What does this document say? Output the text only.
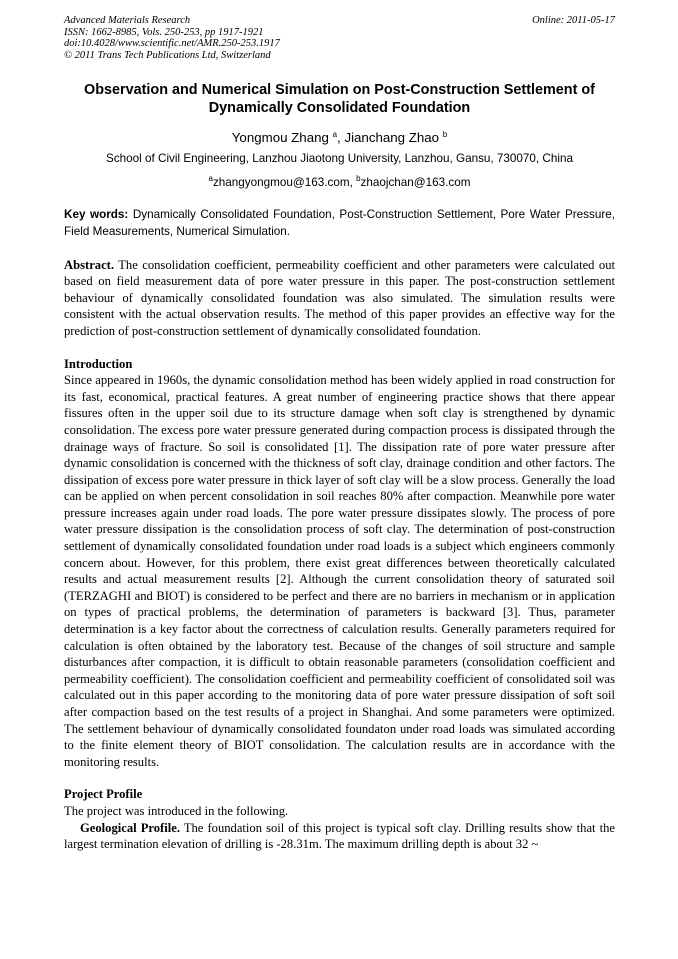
Advanced Materials Research
ISSN: 1662-8985, Vols. 250-253, pp 1917-1921
doi:10.4028/www.scientific.net/AMR.250-253.1917
© 2011 Trans Tech Publications Ltd, Switzerland
Online: 2011-05-17
Observation and Numerical Simulation on Post-Construction Settlement of Dynamically Consolidated Foundation
Yongmou Zhang $^a$, Jianchang Zhao $^b$
School of Civil Engineering, Lanzhou Jiaotong University, Lanzhou, Gansu, 730070, China
$^a$zhangyongmou@163.com, $^b$zhaojchan@163.com
Key words: Dynamically Consolidated Foundation, Post-Construction Settlement, Pore Water Pressure, Field Measurements, Numerical Simulation.
Abstract. The consolidation coefficient, permeability coefficient and other parameters were calculated out based on field measurement data of pore water pressure in this paper. The post-construction settlement behaviour of dynamically consolidated foundation was also simulated. The simulation results were consistent with the actual observation results. The method of this paper provides an effective way for the prediction of post-construction settlement of dynamically consolidated foundation.
Introduction

Since appeared in 1960s, the dynamic consolidation method has been widely applied in road construction for its fast, economical, practical features. A great number of engineering practice shows that there appear fissures often in the upper soil due to its structure damage when soft clay is strengthened by dynamic consolidation. The excess pore water pressure generated during compaction process is dissipated through the drainage ways of fracture. So soil is consolidated [1]. The dissipation rate of pore water pressure after dynamic consolidation is concerned with the thickness of soft clay, drainage condition and other factors. The dissipation of excess pore water pressure in thick layer of soft clay will be a slow process. Generally the load can be applied on when percent consolidation in soil reaches 80% after compaction. Meanwhile pore water pressure increases again under road loads. The pore water pressure dissipates slowly. The process of pore water pressure dissipation is the consolidation process of soft clay. The determination of post-construction settlement of dynamically consolidated foundation under road loads is a subject which engineers commonly concern about. However, for this problem, there exist great differences between theoretically calculated results and actual measurement results [2]. Although the current consolidation theory of saturated soil (TERZAGHI and BIOT) is considered to be perfect and there are no barriers in mechanism or in application on types of practical problems, the determination of parameters is backward [3]. Thus, parameter determination is a key factor about the correctness of calculation results. Generally parameters required for calculation is often obtained by the laboratory test. Because of the changes of soil structure and sample disturbances after compaction, it is difficult to obtain reasonable parameters (consolidation coefficient and permeability coefficient). The consolidation coefficient and permeability coefficient of consolidated soil was calculated out in this paper according to the monitoring data of pore water pressure dissipation of soft soil after compaction based on the test results of a project in Shanghai. And some parameters were optimized. The settlement behaviour of dynamically consolidated foundaton under road loads was simulated according to the finite element theory of BIOT consolidation. The calculation results are in accordance with the monitoring results.

Project Profile

The project was introduced in the following.

Geological Profile. The foundation soil of this project is typical soft clay. Drilling results show that the largest termination elevation of drilling is -28.31m. The maximum drilling depth is about 32 ~
